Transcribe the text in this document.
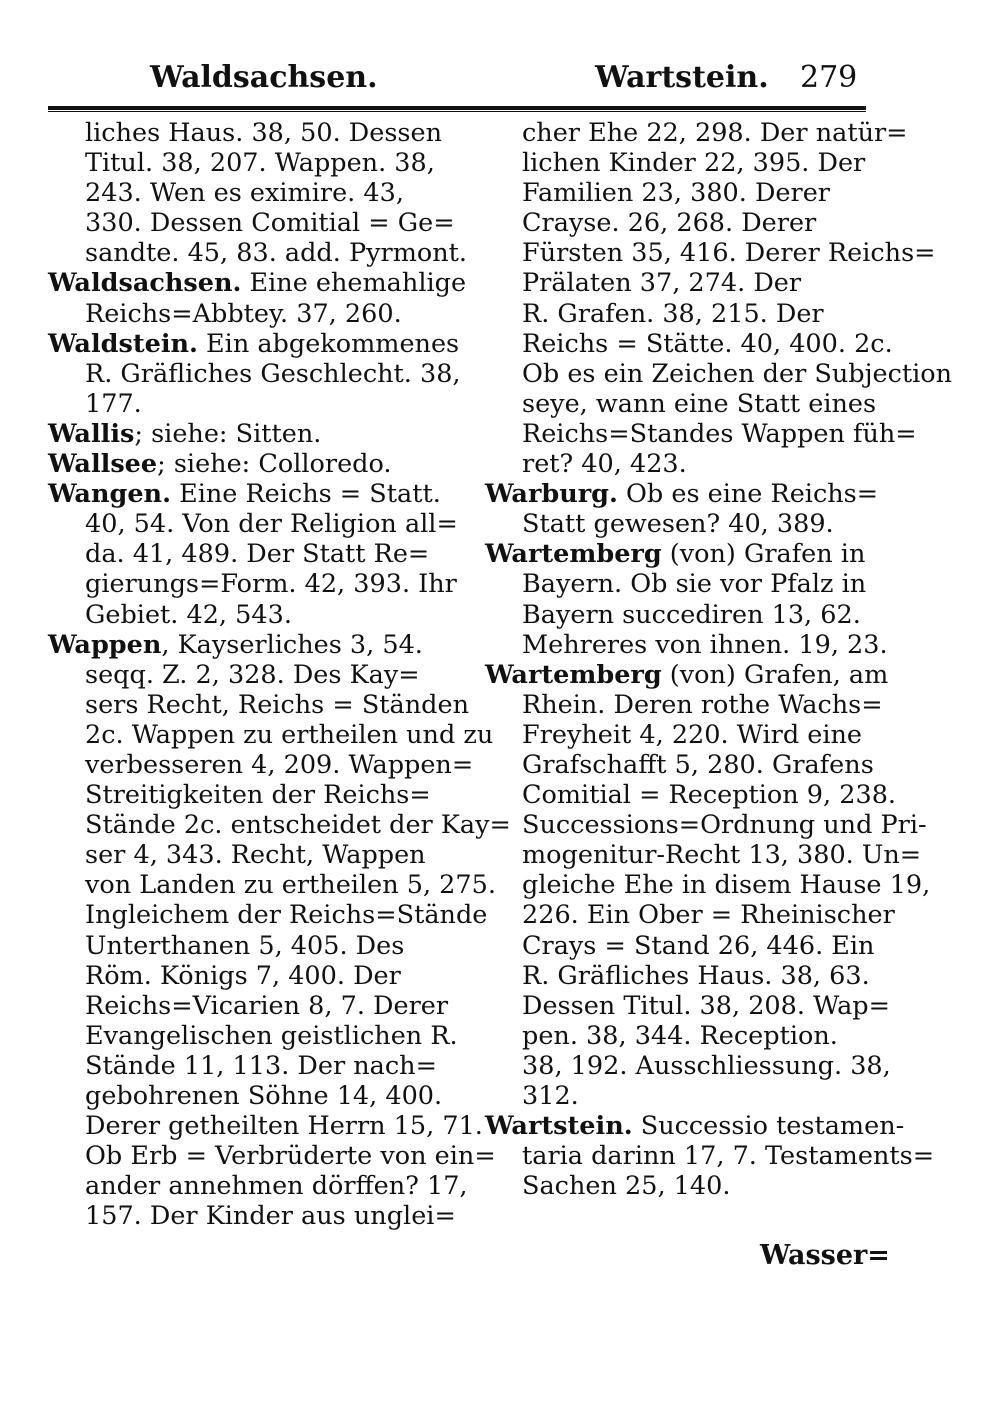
Waldsachsen.	Wartstein. 279
liches Haus. 38, 50. Dessen
Titul. 38, 207. Wappen. 38,
243. Wen es eximire. 43,
330. Dessen Comitial = Ge=
sandte. 45, 83. add. Pyrmont.
Waldsachsen. Eine ehemahlige
Reichs=Abbtey. 37, 260.
Waldstein. Ein abgekommenes
R. Gräfliches Geschlecht. 38,
177.
Wallis; siehe: Sitten.
Wallsee; siehe: Colloredo.
Wangen. Eine Reichs = Statt.
40, 54. Von der Religion all=
da. 41, 489. Der Statt Re=
gierungs=Form. 42, 393. Ihr
Gebiet. 42, 543.
Wappen, Kayserliches 3, 54.
seqq. Z. 2, 328. Des Kay=
sers Recht, Reichs = Ständen
2c. Wappen zu ertheilen und zu
verbesseren 4, 209. Wappen=
Streitigkeiten der Reichs=
Stände 2c. entscheidet der Kay=
ser 4, 343. Recht, Wappen
von Landen zu ertheilen 5, 275.
Ingleichem der Reichs=Stände
Unterthanen 5, 405. Des
Röm. Königs 7, 400. Der
Reichs=Vicarien 8, 7. Derer
Evangelischen geistlichen R.
Stände 11, 113. Der nach=
gebohrenen Söhne 14, 400.
Derer getheilten Herrn 15, 71.
Ob Erb = Verbrüderte von ein=
ander annehmen dörffen? 17,
157. Der Kinder aus unglei=
cher Ehe 22, 298. Der natür=
lichen Kinder 22, 395. Der
Familien 23, 380. Derer
Crayse. 26, 268. Derer
Fürsten 35, 416. Derer Reichs=
Prälaten 37, 274. Der
R. Grafen. 38, 215. Der
Reichs = Stätte. 40, 400. 2c.
Ob es ein Zeichen der Subjection
seye, wann eine Statt eines
Reichs=Standes Wappen füh=
ret? 40, 423.
Warburg. Ob es eine Reichs=
Statt gewesen? 40, 389.
Wartemberg (von) Grafen in
Bayern. Ob sie vor Pfalz in
Bayern succediren 13, 62.
Mehreres von ihnen. 19, 23.
Wartemberg (von) Grafen, am
Rhein. Deren rothe Wachs=
Freyheit 4, 220. Wird eine
Grafschafft 5, 280. Grafens
Comitial = Reception 9, 238.
Successions=Ordnung und Pri-
mogenitur-Recht 13, 380. Un=
gleiche Ehe in disem Hause 19,
226. Ein Ober = Rheinischer
Crays = Stand 26, 446. Ein
R. Gräfliches Haus. 38, 63.
Dessen Titul. 38, 208. Wap=
pen. 38, 344. Reception.
38, 192. Ausschliessung. 38,
312.
Wartstein. Successio testamen-
taria darinn 17, 7. Testaments=
Sachen 25, 140.
Wasser=
